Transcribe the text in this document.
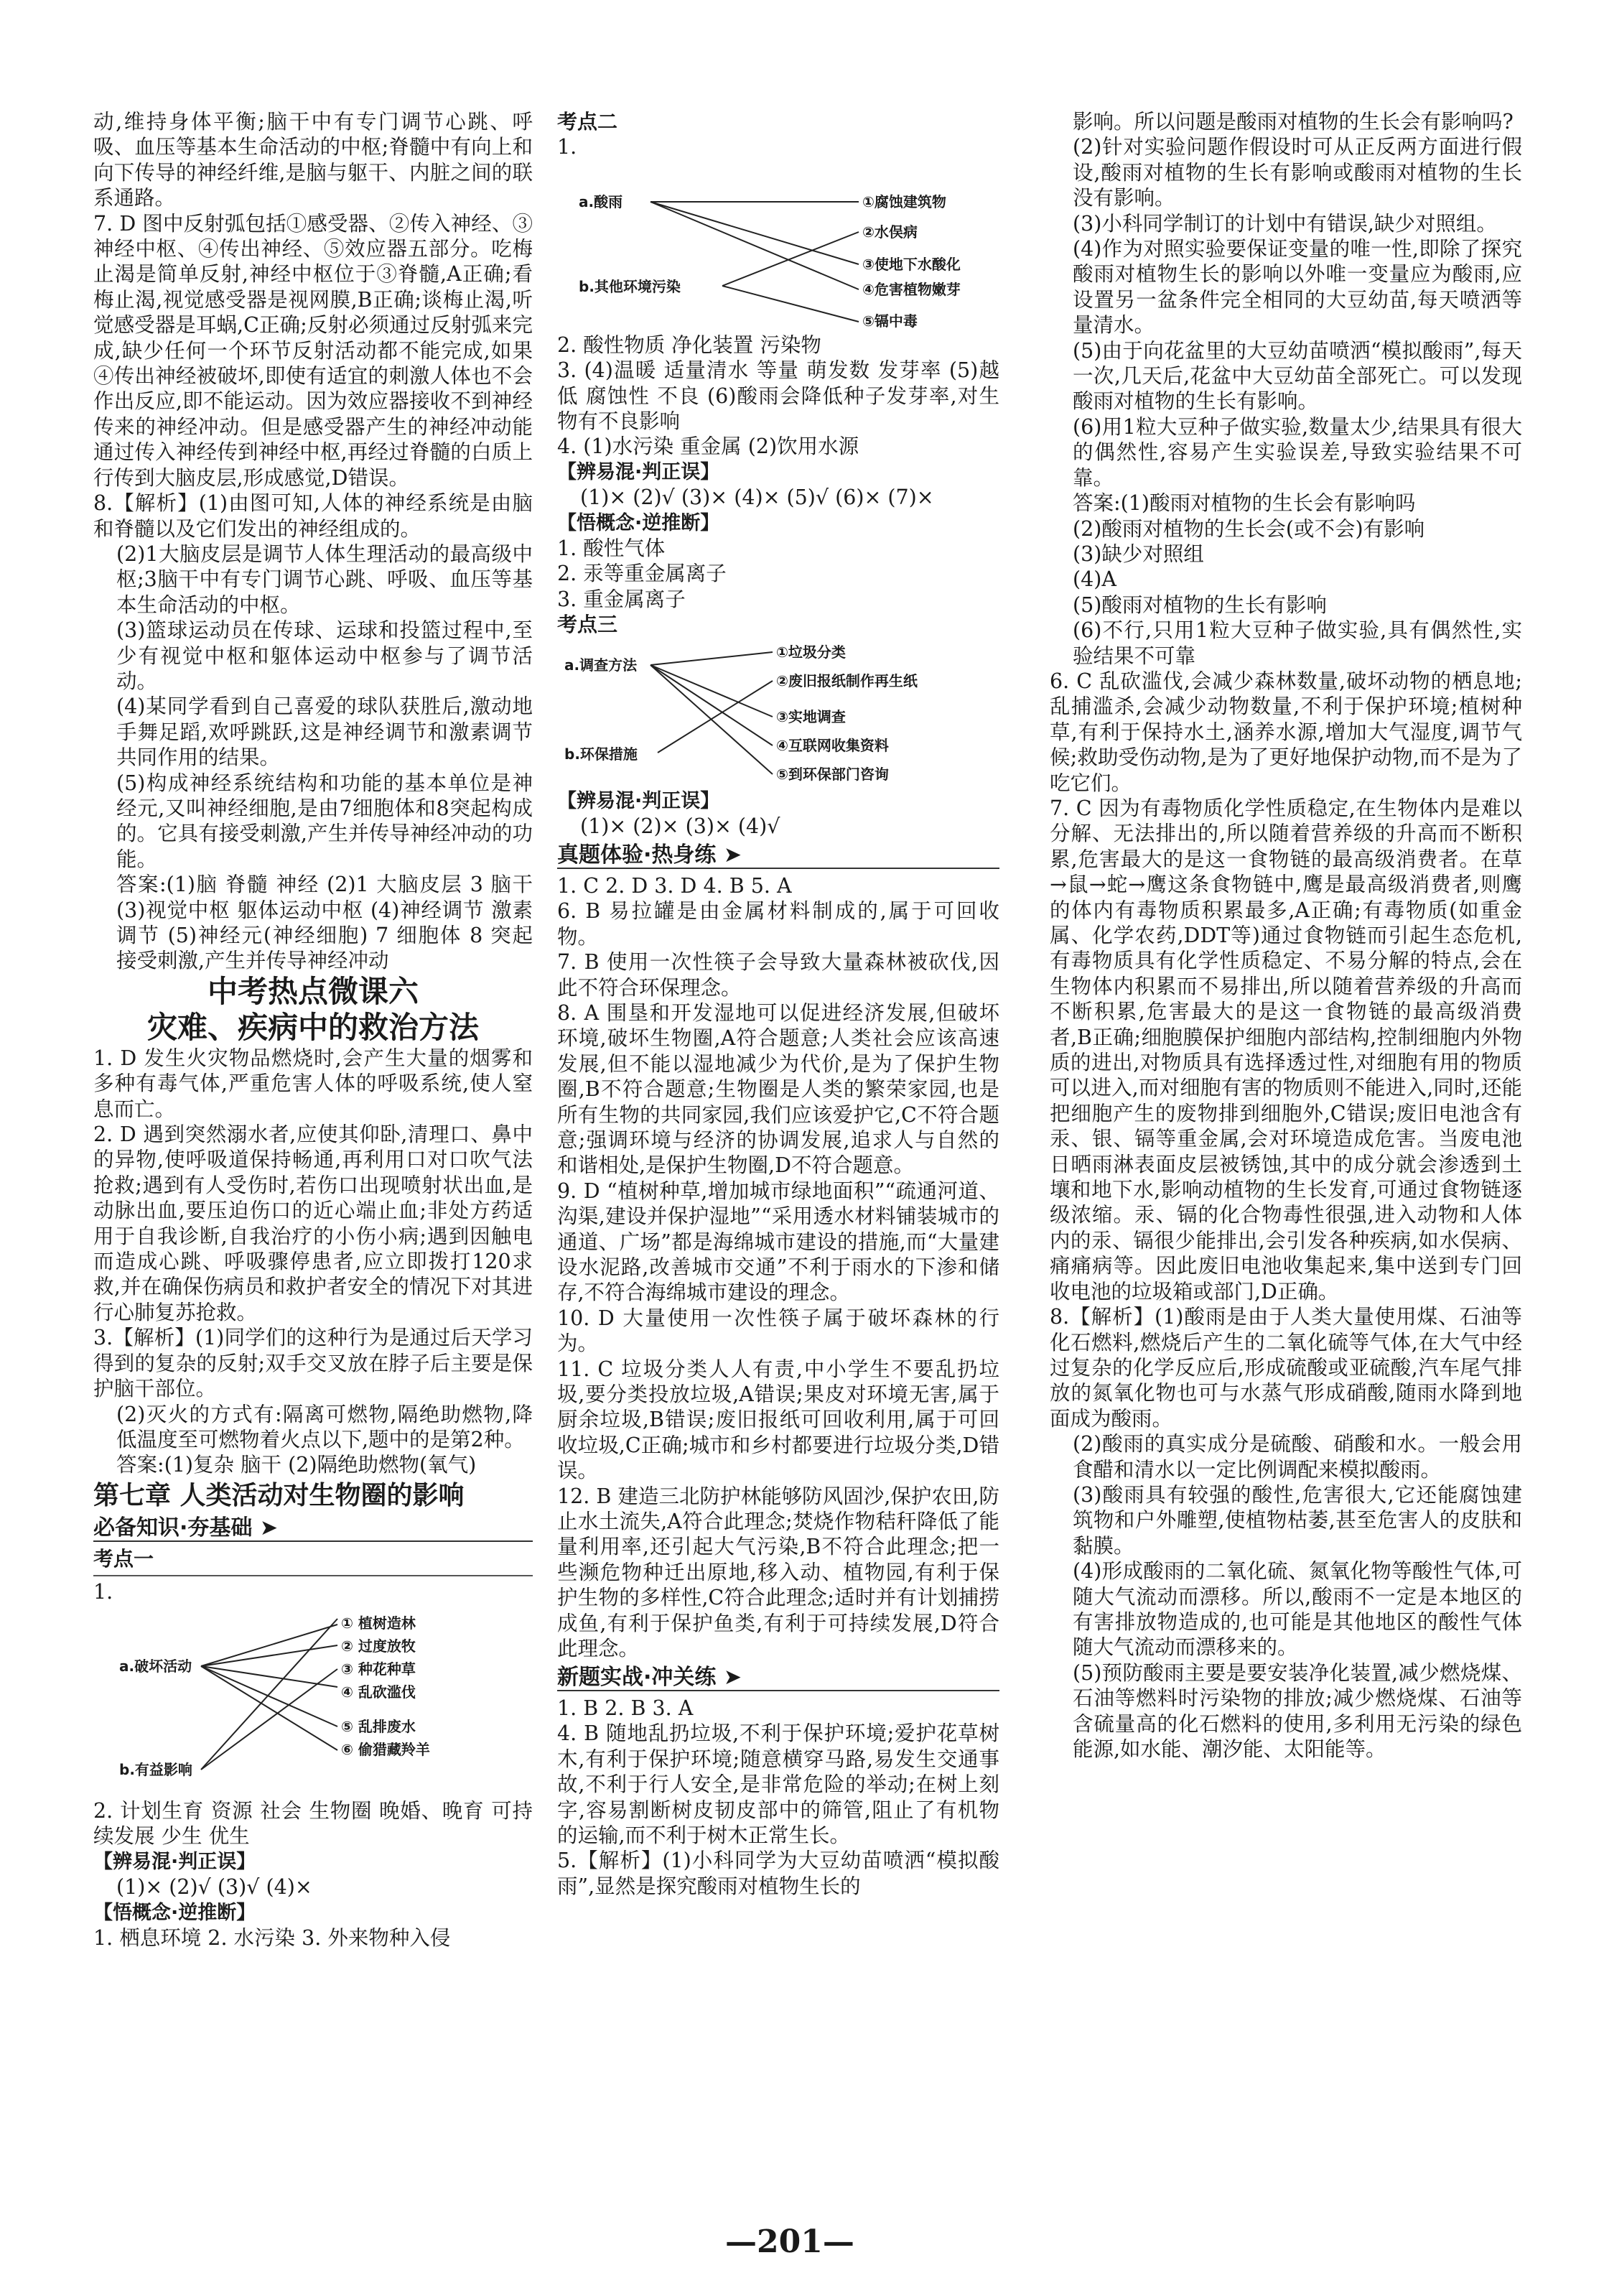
动,维持身体平衡;脑干中有专门调节心跳、呼吸、血压等基本生命活动的中枢;脊髓中有向上和向下传导的神经纤维,是脑与躯干、内脏之间的联系通路。

7. D 图中反射弧包括①感受器、②传入神经、③神经中枢、④传出神经、⑤效应器五部分。吃梅止渴是简单反射,神经中枢位于③脊髓,A正确;看梅止渴,视觉感受器是视网膜,B正确;谈梅止渴,听觉感受器是耳蜗,C正确;反射必须通过反射弧来完成,缺少任何一个环节反射活动都不能完成,如果④传出神经被破坏,即使有适宜的刺激人体也不会作出反应,即不能运动。因为效应器接收不到神经传来的神经冲动。但是感受器产生的神经冲动能通过传入神经传到神经中枢,再经过脊髓的白质上行传到大脑皮层,形成感觉,D错误。

8.【解析】(1)由图可知,人体的神经系统是由脑和脊髓以及它们发出的神经组成的。

(2)1大脑皮层是调节人体生理活动的最高级中枢;3脑干中有专门调节心跳、呼吸、血压等基本生命活动的中枢。

(3)篮球运动员在传球、运球和投篮过程中,至少有视觉中枢和躯体运动中枢参与了调节活动。

(4)某同学看到自己喜爱的球队获胜后,激动地手舞足蹈,欢呼跳跃,这是神经调节和激素调节共同作用的结果。

(5)构成神经系统结构和功能的基本单位是神经元,又叫神经细胞,是由7细胞体和8突起构成的。它具有接受刺激,产生并传导神经冲动的功能。

答案:(1)脑 脊髓 神经 (2)1 大脑皮层 3 脑干 (3)视觉中枢 躯体运动中枢 (4)神经调节 激素调节 (5)神经元(神经细胞) 7 细胞体 8 突起 接受刺激,产生并传导神经冲动

中考热点微课六
灾难、疾病中的救治方法

1. D 发生火灾物品燃烧时,会产生大量的烟雾和多种有毒气体,严重危害人体的呼吸系统,使人窒息而亡。

2. D 遇到突然溺水者,应使其仰卧,清理口、鼻中的异物,使呼吸道保持畅通,再利用口对口吹气法抢救;遇到有人受伤时,若伤口出现喷射状出血,是动脉出血,要压迫伤口的近心端止血;非处方药适用于自我诊断,自我治疗的小伤小病;遇到因触电而造成心跳、呼吸骤停患者,应立即拨打120求救,并在确保伤病员和救护者安全的情况下对其进行心肺复苏抢救。

3.【解析】(1)同学们的这种行为是通过后天学习得到的复杂的反射;双手交叉放在脖子后主要是保护脑干部位。

(2)灭火的方式有:隔离可燃物,隔绝助燃物,降低温度至可燃物着火点以下,题中的是第2种。

答案:(1)复杂 脑干 (2)隔绝助燃物(氧气)

第七章 人类活动对生物圈的影响
必备知识·夯基础 ➤
考点一

1.

a.破坏活动
b.有益影响
① 植树造林
② 过度放牧
③ 种花种草
④ 乱砍滥伐
⑤ 乱排废水
⑥ 偷猎藏羚羊

2. 计划生育 资源 社会 生物圈 晚婚、晚育 可持续发展 少生 优生

【辨易混·判正误】

(1)× (2)√ (3)√ (4)×

【悟概念·逆推断】

1. 栖息环境 2. 水污染 3. 外来物种入侵

考点二

1.

a.酸雨
b.其他环境污染
①腐蚀建筑物
②水俣病
③使地下水酸化
④危害植物嫩芽
⑤镉中毒

2. 酸性物质 净化装置 污染物

3. (4)温暖 适量清水 等量 萌发数 发芽率 (5)越低 腐蚀性 不良 (6)酸雨会降低种子发芽率,对生物有不良影响

4. (1)水污染 重金属 (2)饮用水源

【辨易混·判正误】

(1)× (2)√ (3)× (4)× (5)√ (6)× (7)×

【悟概念·逆推断】

1. 酸性气体

2. 汞等重金属离子

3. 重金属离子

考点三
a.调查方法
b.环保措施
①垃圾分类
②废旧报纸制作再生纸
③实地调查
④互联网收集资料
⑤到环保部门咨询
【辨易混·判正误】

(1)× (2)× (3)× (4)√

真题体验·热身练 ➤

1. C 2. D 3. D 4. B 5. A

6. B 易拉罐是由金属材料制成的,属于可回收物。

7. B 使用一次性筷子会导致大量森林被砍伐,因此不符合环保理念。

8. A 围垦和开发湿地可以促进经济发展,但破坏环境,破坏生物圈,A符合题意;人类社会应该高速发展,但不能以湿地减少为代价,是为了保护生物圈,B不符合题意;生物圈是人类的繁荣家园,也是所有生物的共同家园,我们应该爱护它,C不符合题意;强调环境与经济的协调发展,追求人与自然的和谐相处,是保护生物圈,D不符合题意。

9. D “植树种草,增加城市绿地面积”“疏通河道、沟渠,建设并保护湿地”“采用透水材料铺装城市的通道、广场”都是海绵城市建设的措施,而“大量建设水泥路,改善城市交通”不利于雨水的下渗和储存,不符合海绵城市建设的理念。

10. D 大量使用一次性筷子属于破坏森林的行为。

11. C 垃圾分类人人有责,中小学生不要乱扔垃圾,要分类投放垃圾,A错误;果皮对环境无害,属于厨余垃圾,B错误;废旧报纸可回收利用,属于可回收垃圾,C正确;城市和乡村都要进行垃圾分类,D错误。

12. B 建造三北防护林能够防风固沙,保护农田,防止水土流失,A符合此理念;焚烧作物秸秆降低了能量利用率,还引起大气污染,B不符合此理念;把一些濒危物种迁出原地,移入动、植物园,有利于保护生物的多样性,C符合此理念;适时并有计划捕捞成鱼,有利于保护鱼类,有利于可持续发展,D符合此理念。

新题实战·冲关练 ➤

1. B 2. B 3. A

4. B 随地乱扔垃圾,不利于保护环境;爱护花草树木,有利于保护环境;随意横穿马路,易发生交通事故,不利于行人安全,是非常危险的举动;在树上刻字,容易割断树皮韧皮部中的筛管,阻止了有机物的运输,而不利于树木正常生长。

5.【解析】(1)小科同学为大豆幼苗喷洒“模拟酸雨”,显然是探究酸雨对植物生长的

影响。所以问题是酸雨对植物的生长会有影响吗?

(2)针对实验问题作假设时可从正反两方面进行假设,酸雨对植物的生长有影响或酸雨对植物的生长没有影响。

(3)小科同学制订的计划中有错误,缺少对照组。

(4)作为对照实验要保证变量的唯一性,即除了探究酸雨对植物生长的影响以外唯一变量应为酸雨,应设置另一盆条件完全相同的大豆幼苗,每天喷洒等量清水。

(5)由于向花盆里的大豆幼苗喷洒“模拟酸雨”,每天一次,几天后,花盆中大豆幼苗全部死亡。可以发现酸雨对植物的生长有影响。

(6)用1粒大豆种子做实验,数量太少,结果具有很大的偶然性,容易产生实验误差,导致实验结果不可靠。

答案:(1)酸雨对植物的生长会有影响吗

(2)酸雨对植物的生长会(或不会)有影响

(3)缺少对照组

(4)A

(5)酸雨对植物的生长有影响

(6)不行,只用1粒大豆种子做实验,具有偶然性,实验结果不可靠

6. C 乱砍滥伐,会减少森林数量,破坏动物的栖息地;乱捕滥杀,会减少动物数量,不利于保护环境;植树种草,有利于保持水土,涵养水源,增加大气湿度,调节气候;救助受伤动物,是为了更好地保护动物,而不是为了吃它们。

7. C 因为有毒物质化学性质稳定,在生物体内是难以分解、无法排出的,所以随着营养级的升高而不断积累,危害最大的是这一食物链的最高级消费者。在草→鼠→蛇→鹰这条食物链中,鹰是最高级消费者,则鹰的体内有毒物质积累最多,A正确;有毒物质(如重金属、化学农药,DDT等)通过食物链而引起生态危机,有毒物质具有化学性质稳定、不易分解的特点,会在生物体内积累而不易排出,所以随着营养级的升高而不断积累,危害最大的是这一食物链的最高级消费者,B正确;细胞膜保护细胞内部结构,控制细胞内外物质的进出,对物质具有选择透过性,对细胞有用的物质可以进入,而对细胞有害的物质则不能进入,同时,还能把细胞产生的废物排到细胞外,C错误;废旧电池含有汞、银、镉等重金属,会对环境造成危害。当废电池日晒雨淋表面皮层被锈蚀,其中的成分就会渗透到土壤和地下水,影响动植物的生长发育,可通过食物链逐级浓缩。汞、镉的化合物毒性很强,进入动物和人体内的汞、镉很少能排出,会引发各种疾病,如水俣病、痛痛病等。因此废旧电池收集起来,集中送到专门回收电池的垃圾箱或部门,D正确。

8.【解析】(1)酸雨是由于人类大量使用煤、石油等化石燃料,燃烧后产生的二氧化硫等气体,在大气中经过复杂的化学反应后,形成硫酸或亚硫酸,汽车尾气排放的氮氧化物也可与水蒸气形成硝酸,随雨水降到地面成为酸雨。

(2)酸雨的真实成分是硫酸、硝酸和水。一般会用食醋和清水以一定比例调配来模拟酸雨。

(3)酸雨具有较强的酸性,危害很大,它还能腐蚀建筑物和户外雕塑,使植物枯萎,甚至危害人的皮肤和黏膜。

(4)形成酸雨的二氧化硫、氮氧化物等酸性气体,可随大气流动而漂移。所以,酸雨不一定是本地区的有害排放物造成的,也可能是其他地区的酸性气体随大气流动而漂移来的。

(5)预防酸雨主要是要安装净化装置,减少燃烧煤、石油等燃料时污染物的排放;减少燃烧煤、石油等含硫量高的化石燃料的使用,多利用无污染的绿色能源,如水能、潮汐能、太阳能等。

—201—
